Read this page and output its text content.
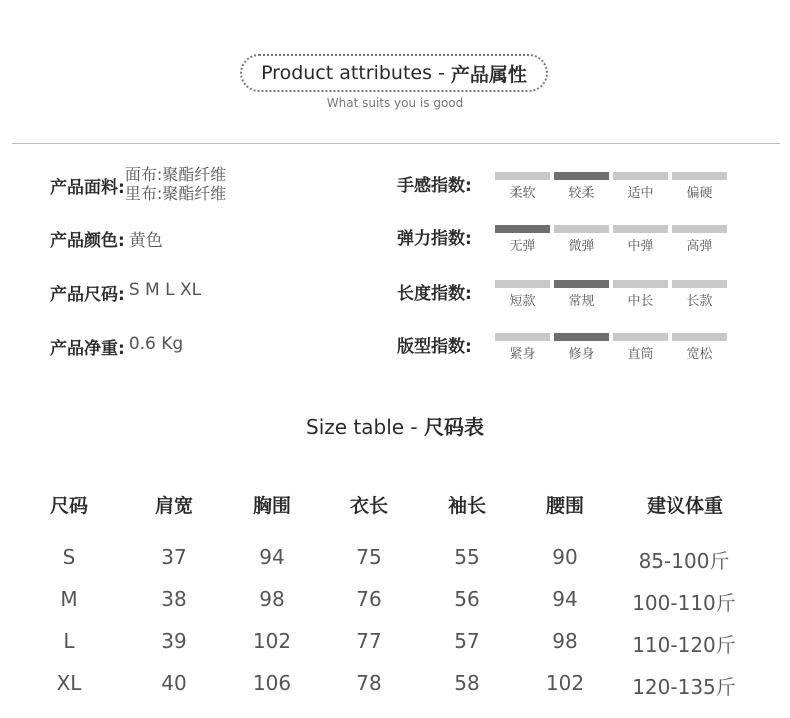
Product attributes - 产品属性
What suits you is good
产品面料:
面布:聚酯纤维
里布:聚酯纤维
产品颜色: 黄色
产品尺码: S M L XL
产品净重: 0.6 Kg
手感指数:	柔软	较柔	适中	偏硬
弹力指数:	无弹	微弹	中弹	高弹
长度指数:	短款	常规	中长	长款
版型指数:	紧身	修身	直筒	宽松
Size table - 尺码表
尺码	肩宽	胸围	衣长	袖长	腰围	建议体重
S	37	94	75	55	90	85-100斤
M	38	98	76	56	94	100-110斤
L	39	102	77	57	98	110-120斤
XL	40	106	78	58	102 120-135斤
